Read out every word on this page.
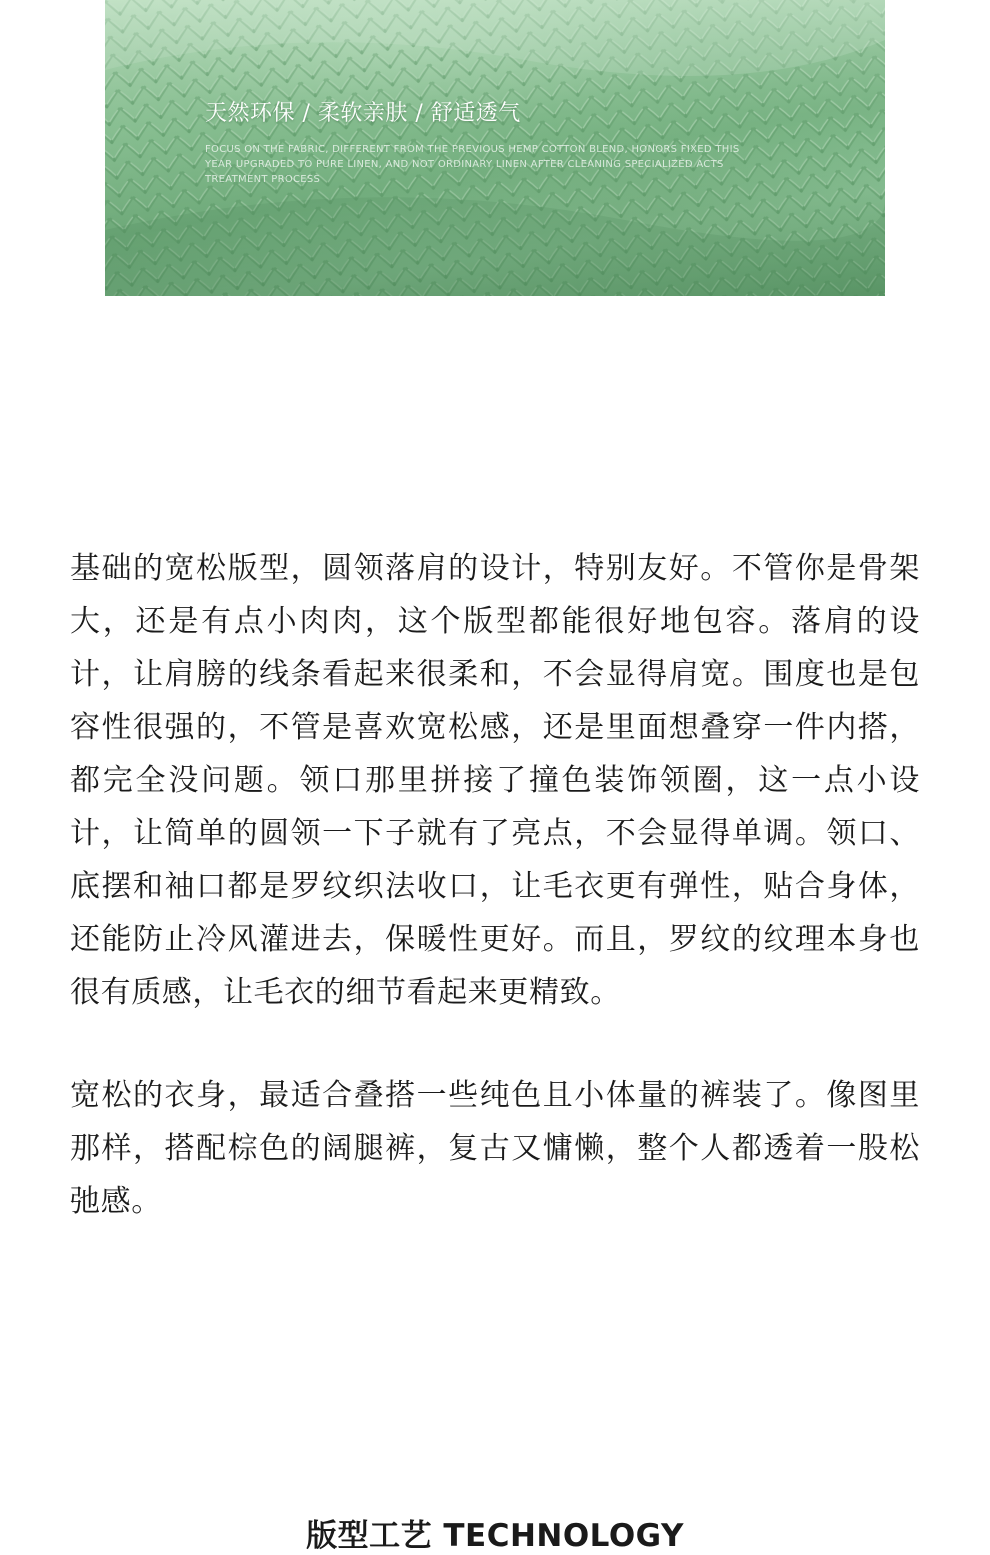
天然环保 / 柔软亲肤 / 舒适透气
FOCUS ON THE FABRIC, DIFFERENT FROM THE PREVIOUS HEMP COTTON BLEND, HONORS FIXED THIS YEAR UPGRADED TO PURE LINEN, AND NOT ORDINARY LINEN AFTER CLEANING SPECIALIZED ACTS TREATMENT PROCESS

基础的宽松版型，圆领落肩的设计，特别友好。不管你是骨架大，还是有点小肉肉，这个版型都能很好地包容。落肩的设计，让肩膀的线条看起来很柔和，不会显得肩宽。围度也是包容性很强的，不管是喜欢宽松感，还是里面想叠穿一件内搭，都完全没问题。领口那里拼接了撞色装饰领圈，这一点小设计，让简单的圆领一下子就有了亮点，不会显得单调。领口、底摆和袖口都是罗纹织法收口，让毛衣更有弹性，贴合身体，还能防止冷风灌进去，保暖性更好。而且，罗纹的纹理本身也很有质感，让毛衣的细节看起来更精致。

宽松的衣身，最适合叠搭一些纯色且小体量的裤装了。像图里那样，搭配棕色的阔腿裤，复古又慵懒，整个人都透着一股松弛感。

版型工艺 TECHNOLOGY
